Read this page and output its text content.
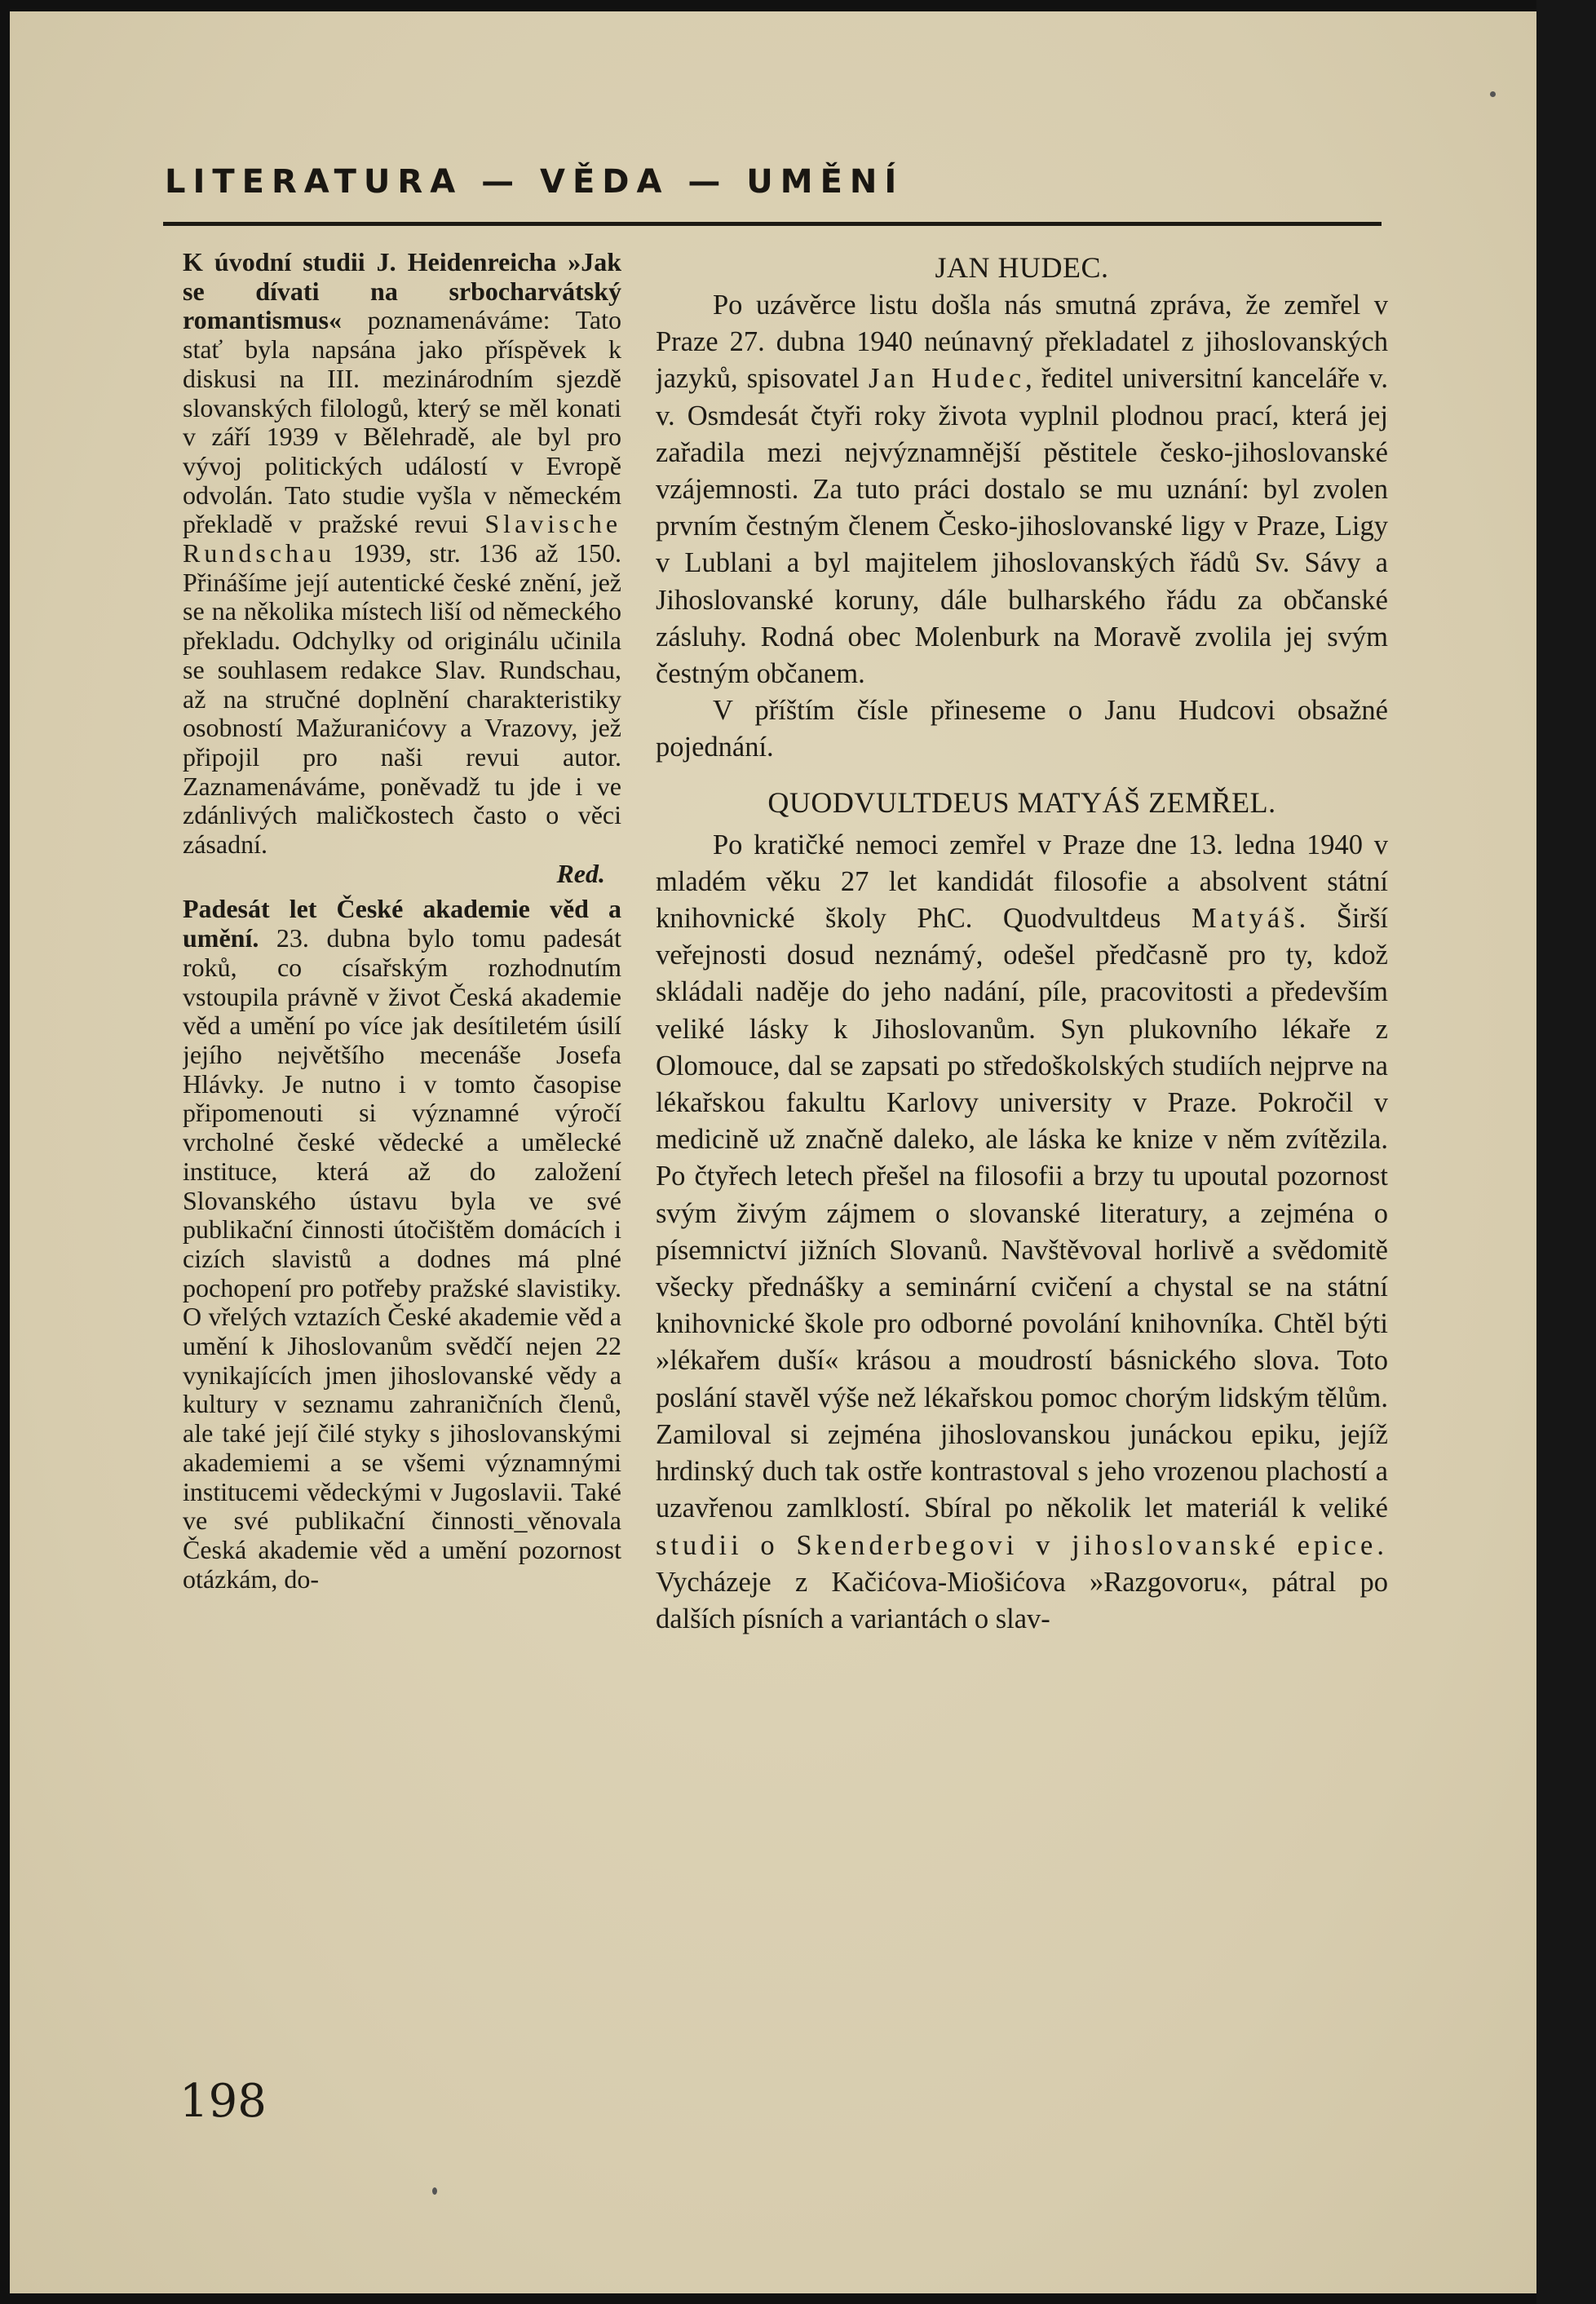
LITERATURA — VĚDA — UMĚNÍ

K úvodní studii J. Heidenreicha »Jak se dívati na srbocharvátský romantismus« poznamenáváme: Tato stať byla napsána jako příspěvek k diskusi na III. mezinárodním sjezdě slovanských filologů, který se měl konati v září 1939 v Bělehradě, ale byl pro vývoj politických událostí v Evropě odvolán. Tato studie vyšla v německém překladě v pražské revui Slavische Rundschau 1939, str. 136 až 150. Přinášíme její autentické české znění, jež se na několika místech liší od německého překladu. Odchylky od originálu učinila se souhlasem redakce Slav. Rundschau, až na stručné doplnění charakteristiky osobností Mažuranićovy a Vrazovy, jež připojil pro naši revui autor. Zaznamenáváme, poněvadž tu jde i ve zdánlivých maličkostech často o věci zásadní.

Red.

Padesát let České akademie věd a umění. 23. dubna bylo tomu padesát roků, co císařským rozhodnutím vstoupila právně v život Česká akademie věd a umění po více jak desítiletém úsilí jejího největšího mecenáše Josefa Hlávky. Je nutno i v tomto časopise připomenouti si významné výročí vrcholné české vědecké a umělecké instituce, která až do založení Slovanského ústavu byla ve své publikační činnosti útočištěm domácích i cizích slavistů a dodnes má plné pochopení pro potřeby pražské slavistiky. O vřelých vztazích České akademie věd a umění k Jihoslovanům svědčí nejen 22 vynikajících jmen jihoslovanské vědy a kultury v seznamu zahraničních členů, ale také její čilé styky s jihoslovanskými akademiemi a se všemi významnými institucemi vědeckými v Jugoslavii. Také ve své publikační činnosti_věnovala Česká akademie věd a umění pozornost otázkám, do-

JAN HUDEC.

Po uzávěrce listu došla nás smutná zpráva, že zemřel v Praze 27. dubna 1940 neúnavný překladatel z jihoslovanských jazyků, spisovatel Jan Hudec, ředitel universitní kanceláře v. v. Osmdesát čtyři roky života vyplnil plodnou prací, která jej zařadila mezi nejvýznamnější pěstitele česko-jihoslovanské vzájemnosti. Za tuto práci dostalo se mu uznání: byl zvolen prvním čestným členem Česko-jihoslovanské ligy v Praze, Ligy v Lublani a byl majitelem jihoslovanských řádů Sv. Sávy a Jihoslovanské koruny, dále bulharského řádu za občanské zásluhy. Rodná obec Molenburk na Moravě zvolila jej svým čestným občanem.

V příštím čísle přineseme o Janu Hudcovi obsažné pojednání.

QUODVULTDEUS MATYÁŠ ZEMŘEL.

Po kratičké nemoci zemřel v Praze dne 13. ledna 1940 v mladém věku 27 let kandidát filosofie a absolvent státní knihovnické školy PhC. Quodvultdeus Matyáš. Širší veřejnosti dosud neznámý, odešel předčasně pro ty, kdož skládali naděje do jeho nadání, píle, pracovitosti a především veliké lásky k Jihoslovanům. Syn plukovního lékaře z Olomouce, dal se zapsati po středoškolských studiích nejprve na lékařskou fakultu Karlovy university v Praze. Pokročil v medicině už značně daleko, ale láska ke knize v něm zvítězila. Po čtyřech letech přešel na filosofii a brzy tu upoutal pozornost svým živým zájmem o slovanské literatury, a zejména o písemnictví jižních Slovanů. Navštěvoval horlivě a svědomitě všecky přednášky a seminární cvičení a chystal se na státní knihovnické škole pro odborné povolání knihovníka. Chtěl býti »lékařem duší« krásou a moudrostí básnického slova. Toto poslání stavěl výše než lékařskou pomoc chorým lidským tělům. Zamiloval si zejména jihoslovanskou junáckou epiku, jejíž hrdinský duch tak ostře kontrastoval s jeho vrozenou plachostí a uzavřenou zamlklostí. Sbíral po několik let materiál k veliké studii o Skenderbegovi v jihoslovanské epice. Vycházeje z Kačićova-Miošićova »Razgovoru«, pátral po dalších písních a variantách o slav-

198
